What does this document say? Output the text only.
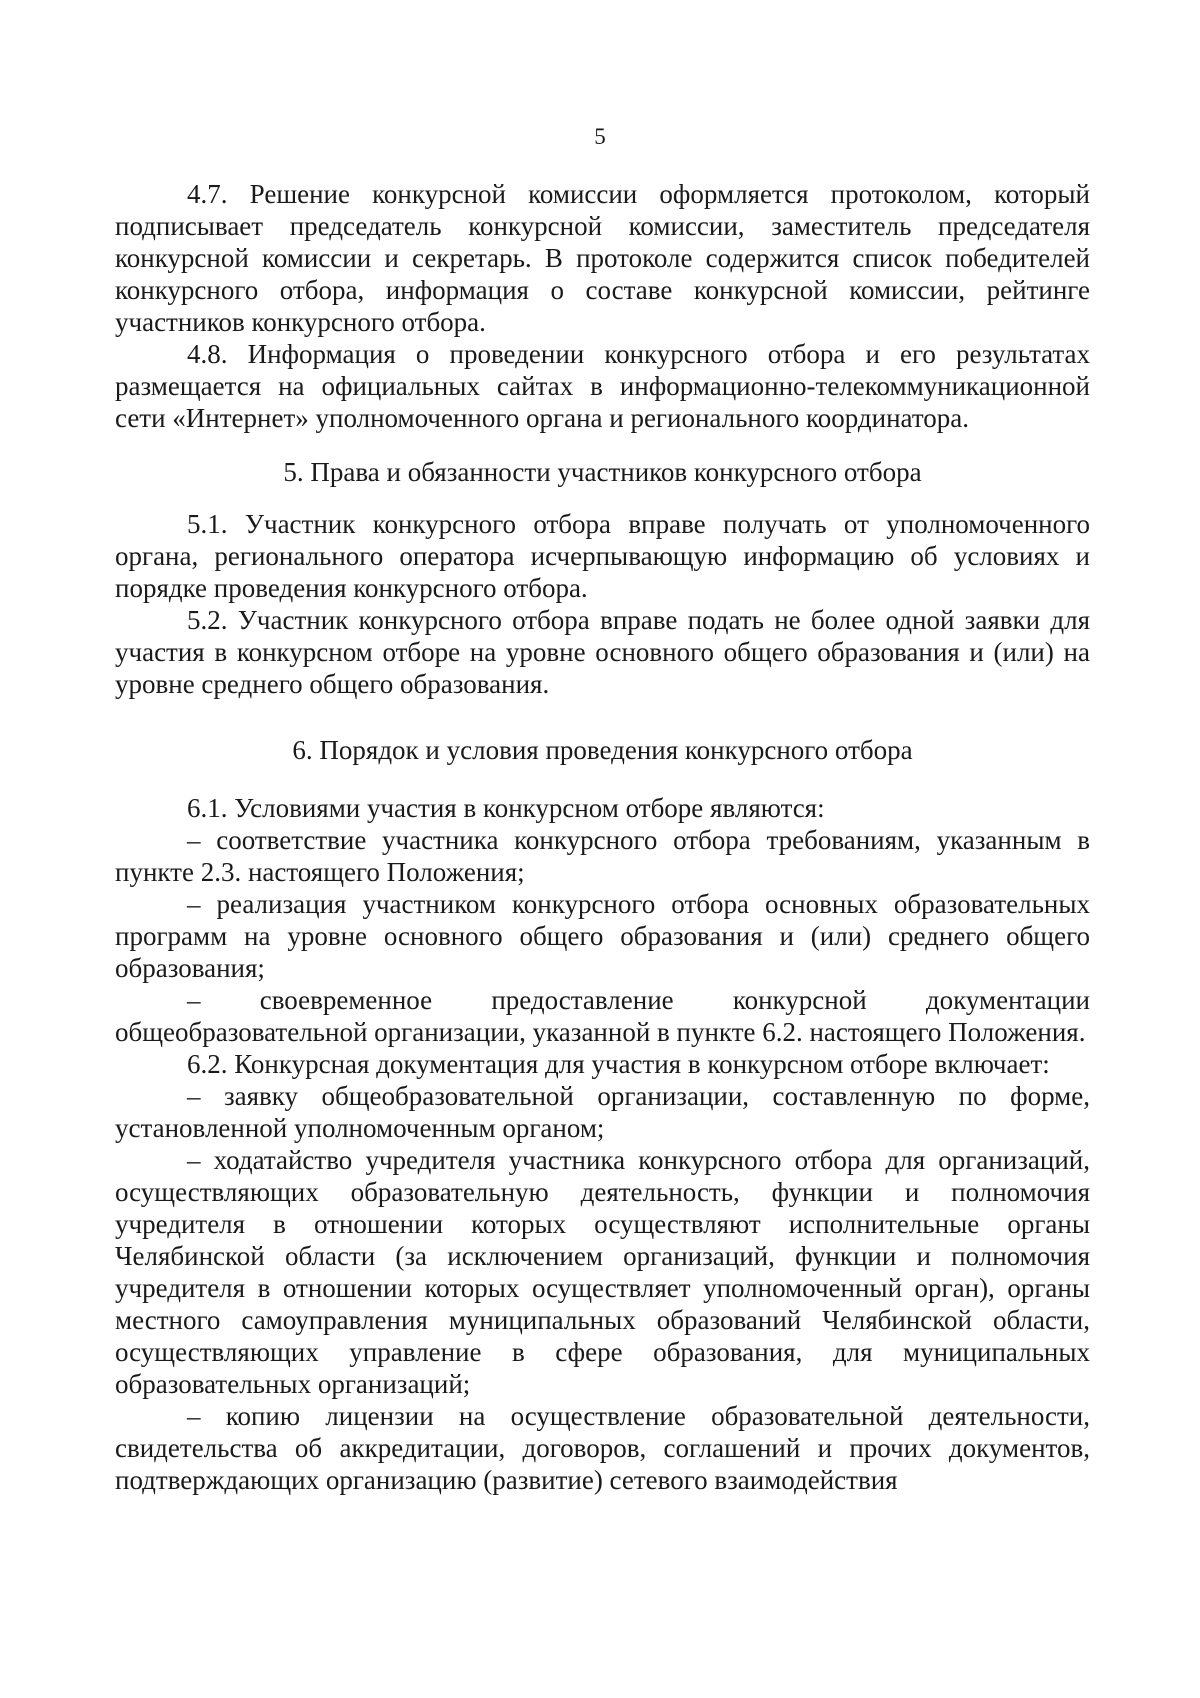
5

4.7. Решение конкурсной комиссии оформляется протоколом, который подписывает председатель конкурсной комиссии, заместитель председателя конкурсной комиссии и секретарь. В протоколе содержится список победителей конкурсного отбора, информация о составе конкурсной комиссии, рейтинге участников конкурсного отбора.

4.8. Информация о проведении конкурсного отбора и его результатах размещается на официальных сайтах в информационно-телекоммуникационной сети «Интернет» уполномоченного органа и регионального координатора.

5. Права и обязанности участников конкурсного отбора

5.1. Участник конкурсного отбора вправе получать от уполномоченного органа, регионального оператора исчерпывающую информацию об условиях и порядке проведения конкурсного отбора.

5.2. Участник конкурсного отбора вправе подать не более одной заявки для участия в конкурсном отборе на уровне основного общего образования и (или) на уровне среднего общего образования.

6. Порядок и условия проведения конкурсного отбора

6.1. Условиями участия в конкурсном отборе являются:

– соответствие участника конкурсного отбора требованиям, указанным в пункте 2.3. настоящего Положения;

– реализация участником конкурсного отбора основных образовательных программ на уровне основного общего образования и (или) среднего общего образования;

– своевременное предоставление конкурсной документации общеобразовательной организации, указанной в пункте 6.2. настоящего Положения.

6.2. Конкурсная документация для участия в конкурсном отборе включает:

– заявку общеобразовательной организации, составленную по форме, установленной уполномоченным органом;

– ходатайство учредителя участника конкурсного отбора для организаций, осуществляющих образовательную деятельность, функции и полномочия учредителя в отношении которых осуществляют исполнительные органы Челябинской области (за исключением организаций, функции и полномочия учредителя в отношении которых осуществляет уполномоченный орган), органы местного самоуправления муниципальных образований Челябинской области, осуществляющих управление в сфере образования, для муниципальных образовательных организаций;

– копию лицензии на осуществление образовательной деятельности, свидетельства об аккредитации, договоров, соглашений и прочих документов, подтверждающих организацию (развитие) сетевого взаимодействия
